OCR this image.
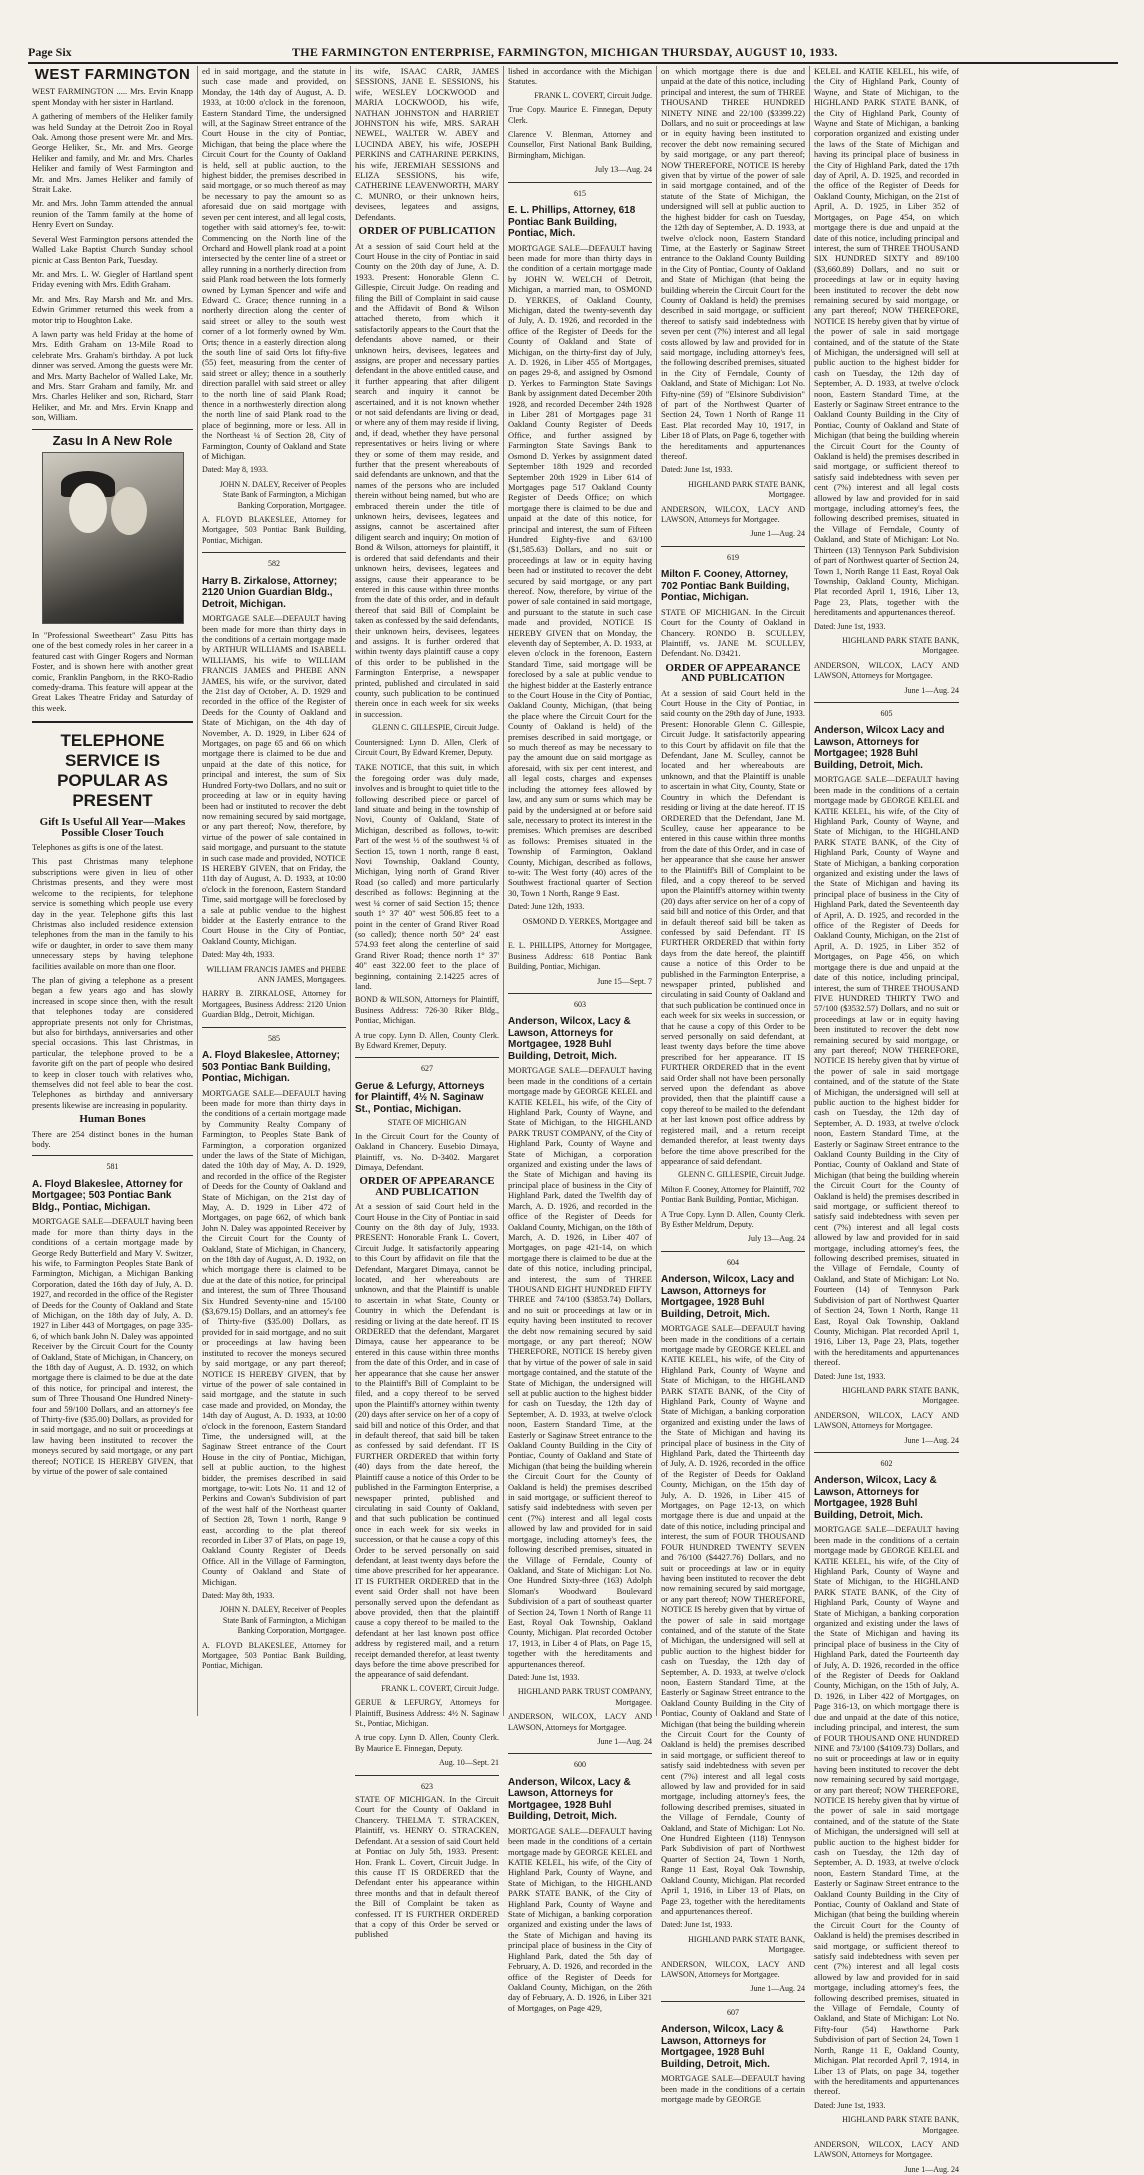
Page Six	THE FARMINGTON ENTERPRISE, FARMINGTON, MICHIGAN THURSDAY, AUGUST 10, 1933.
WEST FARMINGTON

WEST FARMINGTON ..... Mrs. Ervin Knapp spent Monday with her sister in Hartland.

A gathering of members of the Heliker family was held Sunday at the Detroit Zoo in Royal Oak. Among those present were Mr. and Mrs. George Heliker, Sr., Mr. and Mrs. George Heliker and family, and Mr. and Mrs. Charles Heliker and family of West Farmington and Mr. and Mrs. James Heliker and family of Strait Lake.

Mr. and Mrs. John Tamm attended the annual reunion of the Tamm family at the home of Henry Evert on Sunday.

Several West Farmington persons attended the Walled Lake Baptist Church Sunday school picnic at Cass Benton Park, Tuesday.

Mr. and Mrs. L. W. Giegler of Hartland spent Friday evening with Mrs. Edith Graham.

Mr. and Mrs. Ray Marsh and Mr. and Mrs. Edwin Grimmer returned this week from a motor trip to Houghton Lake.

A lawn party was held Friday at the home of Mrs. Edith Graham on 13-Mile Road to celebrate Mrs. Graham's birthday. A pot luck dinner was served. Among the guests were Mr. and Mrs. Marty Bachelor of Walled Lake, Mr. and Mrs. Starr Graham and family, Mr. and Mrs. Charles Heliker and son, Richard, Starr Heliker, and Mr. and Mrs. Ervin Knapp and son, William.

Zasu In A New Role

In "Professional Sweetheart" Zasu Pitts has one of the best comedy roles in her career in a featured cast with Ginger Rogers and Norman Foster, and is shown here with another great comic, Franklin Pangborn, in the RKO-Radio comedy-drama. This feature will appear at the Great Lakes Theatre Friday and Saturday of this week.

TELEPHONE SERVICE IS POPULAR AS PRESENT
Gift Is Useful All Year—Makes Possible Closer Touch

Telephones as gifts is one of the latest.

This past Christmas many telephone subscriptions were given in lieu of other Christmas presents, and they were most welcome to the recipients, for telephone service is something which people use every day in the year. Telephone gifts this last Christmas also included residence extension telephones from the man in the family to his wife or daughter, in order to save them many unnecessary steps by having telephone facilities available on more than one floor.

The plan of giving a telephone as a present began a few years ago and has slowly increased in scope since then, with the result that telephones today are considered appropriate presents not only for Christmas, but also for birthdays, anniversaries and other special occasions. This last Christmas, in particular, the telephone proved to be a favorite gift on the part of people who desired to keep in closer touch with relatives who, themselves did not feel able to bear the cost. Telephones as birthday and anniversary presents likewise are increasing in popularity.

Human Bones

There are 254 distinct bones in the human body.

581
A. Floyd Blakeslee, Attorney for Mortgagee; 503 Pontiac Bank Bldg., Pontiac, Michigan.

MORTGAGE SALE—DEFAULT having been made for more than thirty days in the conditions of a certain mortgage made by George Redy Butterfield and Mary V. Switzer, his wife, to Farmington Peoples State Bank of Farmington, Michigan, a Michigan Banking Corporation, dated the 16th day of July, A. D. 1927, and recorded in the office of the Register of Deeds for the County of Oakland and State of Michigan, on the 18th day of July, A. D. 1927 in Liber 443 of Mortgages, on page 335-6, of which bank John N. Daley was appointed Receiver by the Circuit Court for the County of Oakland, State of Michigan, in Chancery, on the 18th day of August, A. D. 1932, on which mortgage there is claimed to be due at the date of this notice, for principal and interest, the sum of Three Thousand One Hundred Ninety-four and 59/100 Dollars, and an attorney's fee of Thirty-five ($35.00) Dollars, as provided for in said mortgage, and no suit or proceedings at law having been instituted to recover the moneys secured by said mortgage, or any part thereof; NOTICE IS HEREBY GIVEN, that by virtue of the power of sale contained

ed in said mortgage, and the statute in such case made and provided, on Monday, the 14th day of August, A. D. 1933, at 10:00 o'clock in the forenoon, Eastern Standard Time, the undersigned will, at the Saginaw Street entrance of the Court House in the city of Pontiac, Michigan, that being the place where the Circuit Court for the County of Oakland is held, sell at public auction, to the highest bidder, the premises described in said mortgage, or so much thereof as may be necessary to pay the amount so as aforesaid due on said mortgage with seven per cent interest, and all legal costs, together with said attorney's fee, to-wit: Commencing on the North line of the Orchard and Howell plank road at a point intersected by the center line of a street or alley running in a northerly direction from said Plank road between the lots formerly owned by Lyman Spencer and wife and Edward C. Grace; thence running in a northerly direction along the center of said street or alley to the south west corner of a lot formerly owned by Wm. Orts; thence in a easterly direction along the south line of said Orts lot fifty-five (55) feet, measuring from the center of said street or alley; thence in a southerly direction parallel with said street or alley to the north line of said Plank Road; thence in a northwesterly direction along the north line of said Plank road to the place of beginning, more or less. All in the Northeast ¼ of Section 28, City of Farmington, County of Oakland and State of Michigan.

Dated: May 8, 1933.

JOHN N. DALEY, Receiver of Peoples State Bank of Farmington, a Michigan Banking Corporation, Mortgagee.

A. FLOYD BLAKESLEE, Attorney for Mortgagee, 503 Pontiac Bank Building, Pontiac, Michigan.

582
Harry B. Zirkalose, Attorney; 2120 Union Guardian Bldg., Detroit, Michigan.

MORTGAGE SALE—DEFAULT having been made for more than thirty days in the conditions of a certain mortgage made by ARTHUR WILLIAMS and ISABELL WILLIAMS, his wife to WILLIAM FRANCIS JAMES and PHEBE ANN JAMES, his wife, or the survivor, dated the 21st day of October, A. D. 1929 and recorded in the office of the Register of Deeds for the County of Oakland and State of Michigan, on the 4th day of November, A. D. 1929, in Liber 624 of Mortgages, on page 65 and 66 on which mortgage there is claimed to be due and unpaid at the date of this notice, for principal and interest, the sum of Six Hundred Forty-two Dollars, and no suit or proceeding at law or in equity having been had or instituted to recover the debt now remaining secured by said mortgage, or any part thereof; Now, therefore, by virtue of the power of sale contained in said mortgage, and pursuant to the statute in such case made and provided, NOTICE IS HEREBY GIVEN, that on Friday, the 11th day of August, A. D. 1933, at 10:00 o'clock in the forenoon, Eastern Standard Time, said mortgage will be foreclosed by a sale at public vendue to the highest bidder at the Easterly entrance to the Court House in the City of Pontiac, Oakland County, Michigan.

Dated: May 4th, 1933.

WILLIAM FRANCIS JAMES and PHEBE ANN JAMES, Mortgagees.

HARRY B. ZIRKALOSE, Attorney for Mortgagees, Business Address: 2120 Union Guardian Bldg., Detroit, Michigan.

585
A. Floyd Blakeslee, Attorney; 503 Pontiac Bank Building, Pontiac, Michigan.

MORTGAGE SALE—DEFAULT having been made for more than thirty days in the conditions of a certain mortgage made by Community Realty Company of Farmington, to Peoples State Bank of Farmington, a corporation organized under the laws of the State of Michigan, dated the 10th day of May, A. D. 1929, and recorded in the office of the Register of Deeds for the County of Oakland and State of Michigan, on the 21st day of May, A. D. 1929 in Liber 472 of Mortgages, on page 662, of which bank John N. Daley was appointed Receiver by the Circuit Court for the County of Oakland, State of Michigan, in Chancery, on the 18th day of August, A. D. 1932, on which mortgage there is claimed to be due at the date of this notice, for principal and interest, the sum of Three Thousand Six Hundred Seventy-nine and 15/100 ($3,679.15) Dollars, and an attorney's fee of Thirty-five ($35.00) Dollars, as provided for in said mortgage, and no suit or proceedings at law having been instituted to recover the moneys secured by said mortgage, or any part thereof; NOTICE IS HEREBY GIVEN, that by virtue of the power of sale contained in said mortgage, and the statute in such case made and provided, on Monday, the 14th day of August, A. D. 1933, at 10:00 o'clock in the forenoon, Eastern Standard Time, the undersigned will, at the Saginaw Street entrance of the Court House in the city of Pontiac, Michigan, sell at public auction, to the highest bidder, the premises described in said mortgage, to-wit: Lots No. 11 and 12 of Perkins and Cowan's Subdivision of part of the west half of the Northeast quarter of Section 28, Town 1 north, Range 9 east, according to the plat thereof recorded in Liber 37 of Plats, on page 19, Oakland County Register of Deeds Office. All in the Village of Farmington, County of Oakland and State of Michigan.

Dated: May 8th, 1933.

JOHN N. DALEY, Receiver of Peoples State Bank of Farmington, a Michigan Banking Corporation, Mortgagee.

A. FLOYD BLAKESLEE, Attorney for Mortgagee, 503 Pontiac Bank Building, Pontiac, Michigan.

its wife, ISAAC CARR, JAMES SESSIONS, JANE E. SESSIONS, his wife, WESLEY LOCKWOOD and MARIA LOCKWOOD, his wife, NATHAN JOHNSTON and HARRIET JOHNSTON his wife, MRS. SARAH NEWEL, WALTER W. ABEY and LUCINDA ABEY, his wife, JOSEPH PERKINS and CATHARINE PERKINS, his wife, JEREMIAH SESSIONS and ELIZA SESSIONS, his wife, CATHERINE LEAVENWORTH, MARY C. MUNRO, or their unknown heirs, devisees, legatees and assigns, Defendants.

ORDER OF PUBLICATION

At a session of said Court held at the Court House in the city of Pontiac in said County on the 20th day of June, A. D. 1933. Present: Honorable Glenn C. Gillespie, Circuit Judge. On reading and filing the Bill of Complaint in said cause and the Affidavit of Bond & Wilson attached thereto, from which it satisfactorily appears to the Court that the defendants above named, or their unknown heirs, devisees, legatees and assigns, are proper and necessary parties defendant in the above entitled cause, and it further appearing that after diligent search and inquiry it cannot be ascertained, and it is not known whether or not said defendants are living or dead, or where any of them may reside if living, and, if dead, whether they have personal representatives or heirs living or where they or some of them may reside, and further that the present whereabouts of said defendants are unknown, and that the names of the persons who are included therein without being named, but who are embraced therein under the title of unknown heirs, devisees, legatees and assigns, cannot be ascertained after diligent search and inquiry; On motion of Bond & Wilson, attorneys for plaintiff, it is ordered that said defendants and their unknown heirs, devisees, legatees and assigns, cause their appearance to be entered in this cause within three months from the date of this order, and in default thereof that said Bill of Complaint be taken as confessed by the said defendants, their unknown heirs, devisees, legatees and assigns. It is further ordered that within twenty days plaintiff cause a copy of this order to be published in the Farmington Enterprise, a newspaper printed, published and circulated in said county, such publication to be continued therein once in each week for six weeks in succession.

GLENN C. GILLESPIE, Circuit Judge.

Countersigned: Lynn D. Allen, Clerk of Circuit Court, By Edward Kremer, Deputy.

TAKE NOTICE, that this suit, in which the foregoing order was duly made, involves and is brought to quiet title to the following described piece or parcel of land situate and being in the township of Novi, County of Oakland, State of Michigan, described as follows, to-wit: Part of the west ½ of the southwest ¼ of Section 15, town 1 north, range 8 east, Novi Township, Oakland County, Michigan, lying north of Grand River Road (so called) and more particularly described as follows: Beginning at the west ¼ corner of said Section 15; thence south 1° 37' 40" west 506.85 feet to a point in the center of Grand River Road (so called); thence north 50° 24' east 574.93 feet along the centerline of said Grand River Road; thence north 1° 37' 40" east 322.00 feet to the place of beginning, containing 2.14225 acres of land.

BOND & WILSON, Attorneys for Plaintiff, Business Address: 726-30 Riker Bldg., Pontiac, Michigan.

A true copy. Lynn D. Allen, County Clerk. By Edward Kremer, Deputy.

627
Gerue & Lefurgy, Attorneys for Plaintiff, 4½ N. Saginaw St., Pontiac, Michigan.
STATE OF MICHIGAN

In the Circuit Court for the County of Oakland in Chancery. Eusebio Dimaya, Plaintiff, vs. No. D-3402. Margaret Dimaya, Defendant.

ORDER OF APPEARANCE AND PUBLICATION

At a session of said Court held in the Court House in the City of Pontiac in said County on the 8th day of July, 1933. PRESENT: Honorable Frank L. Covert, Circuit Judge. It satisfactorily appearing to this Court by affidavit on file that the Defendant, Margaret Dimaya, cannot be located, and her whereabouts are unknown, and that the Plaintiff is unable to ascertain in what State, County or Country in which the Defendant is residing or living at the date hereof. IT IS ORDERED that the defendant, Margaret Dimaya, cause her appearance to be entered in this cause within three months from the date of this Order, and in case of her appearance that she cause her answer to the Plaintiff's Bill of Complaint to be filed, and a copy thereof to be served upon the Plaintiff's attorney within twenty (20) days after service on her of a copy of said bill and notice of this Order, and that in default thereof, that said bill be taken as confessed by said defendant. IT IS FURTHER ORDERED that within forty (40) days from the date hereof, the Plaintiff cause a notice of this Order to be published in the Farmington Enterprise, a newspaper printed, published and circulating in said County of Oakland, and that such publication be continued once in each week for six weeks in succession, or that he cause a copy of this Order to be served personally on said defendant, at least twenty days before the time above prescribed for her appearance. IT IS FURTHER ORDERED that in the event said Order shall not have been personally served upon the defendant as above provided, then that the plaintiff cause a copy thereof to be mailed to the defendant at her last known post office address by registered mail, and a return receipt demanded therefor, at least twenty days before the time above prescribed for the appearance of said defendant.

FRANK L. COVERT, Circuit Judge.

GERUE & LEFURGY, Attorneys for Plaintiff, Business Address: 4½ N. Saginaw St., Pontiac, Michigan.

A true copy. Lynn D. Allen, County Clerk. By Maurice E. Finnegan, Deputy.

Aug. 10—Sept. 21

623

STATE OF MICHIGAN. In the Circuit Court for the County of Oakland in Chancery. THELMA T. STRACKEN, Plaintiff, vs. HENRY O. STRACKEN, Defendant. At a session of said Court held at Pontiac on July 5th, 1933. Present: Hon. Frank L. Covert, Circuit Judge. In this cause IT IS ORDERED that the Defendant enter his appearance within three months and that in default thereof the Bill of Complaint be taken as confessed. IT IS FURTHER ORDERED that a copy of this Order be served or published

lished in accordance with the Michigan Statutes.

FRANK L. COVERT, Circuit Judge.

True Copy. Maurice E. Finnegan, Deputy Clerk.

Clarence V. Blenman, Attorney and Counsellor, First National Bank Building, Birmingham, Michigan.

July 13—Aug. 24

615
E. L. Phillips, Attorney, 618 Pontiac Bank Building, Pontiac, Mich.

MORTGAGE SALE—DEFAULT having been made for more than thirty days in the condition of a certain mortgage made by JOHN W. WELCH of Detroit, Michigan, a married man, to OSMOND D. YERKES, of Oakland County, Michigan, dated the twenty-seventh day of July, A. D. 1926, and recorded in the office of the Register of Deeds for the County of Oakland and State of Michigan, on the thirty-first day of July, A. D. 1926, in Liber 455 of Mortgages, on pages 29-8, and assigned by Osmond D. Yerkes to Farmington State Savings Bank by assignment dated December 20th 1928, and recorded December 24th 1928 in Liber 281 of Mortgages page 31 Oakland County Register of Deeds Office, and further assigned by Farmington State Savings Bank to Osmond D. Yerkes by assignment dated September 18th 1929 and recorded September 20th 1929 in Liber 614 of Mortgages page 517 Oakland County Register of Deeds Office; on which mortgage there is claimed to be due and unpaid at the date of this notice, for principal and interest, the sum of Fifteen Hundred Eighty-five and 63/100 ($1,585.63) Dollars, and no suit or proceedings at law or in equity having been had or instituted to recover the debt secured by said mortgage, or any part thereof. Now, therefore, by virtue of the power of sale contained in said mortgage, and pursuant to the statute in such case made and provided, NOTICE IS HEREBY GIVEN that on Monday, the eleventh day of September, A. D. 1933, at eleven o'clock in the forenoon, Eastern Standard Time, said mortgage will be foreclosed by a sale at public vendue to the highest bidder at the Easterly entrance to the Court House in the City of Pontiac, Oakland County, Michigan, (that being the place where the Circuit Court for the County of Oakland is held) of the premises described in said mortgage, or so much thereof as may be necessary to pay the amount due on said mortgage as aforesaid, with six per cent interest, and all legal costs, charges and expenses including the attorney fees allowed by law, and any sum or sums which may be paid by the undersigned at or before said sale, necessary to protect its interest in the premises. Which premises are described as follows: Premises situated in the Township of Farmington, Oakland County, Michigan, described as follows, to-wit: The West forty (40) acres of the Southwest fractional quarter of Section 30, Town 1 North, Range 9 East.

Dated: June 12th, 1933.

OSMOND D. YERKES, Mortgagee and Assignee.

E. L. PHILLIPS, Attorney for Mortgagee, Business Address: 618 Pontiac Bank Building, Pontiac, Michigan.

June 15—Sept. 7

603
Anderson, Wilcox, Lacy & Lawson, Attorneys for Mortgagee, 1928 Buhl Building, Detroit, Mich.

MORTGAGE SALE—DEFAULT having been made in the conditions of a certain mortgage made by GEORGE KELEL and KATIE KELEL, his wife, of the City of Highland Park, County of Wayne, and State of Michigan, to the HIGHLAND PARK TRUST COMPANY, of the City of Highland Park, County of Wayne and State of Michigan, a corporation organized and existing under the laws of the State of Michigan and having its principal place of business in the City of Highland Park, dated the Twelfth day of March, A. D. 1926, and recorded in the office of the Register of Deeds for Oakland County, Michigan, on the 18th of March, A. D. 1926, in Liber 407 of Mortgages, on page 421-14, on which mortgage there is claimed to be due at the date of this notice, including principal, and interest, the sum of THREE THOUSAND EIGHT HUNDRED FIFTY THREE and 74/100 ($3853.74) Dollars, and no suit or proceedings at law or in equity having been instituted to recover the debt now remaining secured by said mortgage, or any part thereof; NOW THEREFORE, NOTICE IS hereby given that by virtue of the power of sale in said mortgage contained, and the statute of the State of Michigan, the undersigned will sell at public auction to the highest bidder for cash on Tuesday, the 12th day of September, A. D. 1933, at twelve o'clock noon, Eastern Standard Time, at the Easterly or Saginaw Street entrance to the Oakland County Building in the City of Pontiac, County of Oakland and State of Michigan (that being the building wherein the Circuit Court for the County of Oakland is held) the premises described in said mortgage, or sufficient thereof to satisfy said indebtedness with seven per cent (7%) interest and all legal costs allowed by law and provided for in said mortgage, including attorney's fees, the following described premises, situated in the Village of Ferndale, County of Oakland, and State of Michigan: Lot No. One Hundred Sixty-three (163) Adolph Sloman's Woodward Boulevard Subdivision of a part of southeast quarter of Section 24, Town 1 North of Range 11 East, Royal Oak Township, Oakland County, Michigan. Plat recorded October 17, 1913, in Liber 4 of Plats, on Page 15, together with the hereditaments and appurtenances thereof.

Dated: June 1st, 1933.

HIGHLAND PARK TRUST COMPANY, Mortgagee.

ANDERSON, WILCOX, LACY AND LAWSON, Attorneys for Mortgagee.

June 1—Aug. 24

600
Anderson, Wilcox, Lacy & Lawson, Attorneys for Mortgagee, 1928 Buhl Building, Detroit, Mich.

MORTGAGE SALE—DEFAULT having been made in the conditions of a certain mortgage made by GEORGE KELEL and KATIE KELEL, his wife, of the City of Highland Park, County of Wayne, and State of Michigan, to the HIGHLAND PARK STATE BANK, of the City of Highland Park, County of Wayne and State of Michigan, a banking corporation organized and existing under the laws of the State of Michigan and having its principal place of business in the City of Highland Park, dated the 5th day of February, A. D. 1926, and recorded in the office of the Register of Deeds for Oakland County, Michigan, on the 26th day of February, A. D. 1926, in Liber 321 of Mortgages, on Page 429,

on which mortgage there is due and unpaid at the date of this notice, including principal and interest, the sum of THREE THOUSAND THREE HUNDRED NINETY NINE and 22/100 ($3399.22) Dollars, and no suit or proceedings at law or in equity having been instituted to recover the debt now remaining secured by said mortgage, or any part thereof; NOW THEREFORE, NOTICE IS hereby given that by virtue of the power of sale in said mortgage contained, and of the statute of the State of Michigan, the undersigned will sell at public auction to the highest bidder for cash on Tuesday, the 12th day of September, A. D. 1933, at twelve o'clock noon, Eastern Standard Time, at the Easterly or Saginaw Street entrance to the Oakland County Building in the City of Pontiac, County of Oakland and State of Michigan (that being the building wherein the Circuit Court for the County of Oakland is held) the premises described in said mortgage, or sufficient thereof to satisfy said indebtedness with seven per cent (7%) interest and all legal costs allowed by law and provided for in said mortgage, including attorney's fees, the following described premises, situated in the City of Ferndale, County of Oakland, and State of Michigan: Lot No. Fifty-nine (59) of "Elsinore Subdivision" of part of the Northwest Quarter of Section 24, Town 1 North of Range 11 East. Plat recorded May 10, 1917, in Liber 18 of Plats, on Page 6, together with the hereditaments and appurtenances thereof.

Dated: June 1st, 1933.

HIGHLAND PARK STATE BANK, Mortgagee.

ANDERSON, WILCOX, LACY AND LAWSON, Attorneys for Mortgagee.

June 1—Aug. 24

619
Milton F. Cooney, Attorney, 702 Pontiac Bank Building, Pontiac, Michigan.

STATE OF MICHIGAN. In the Circuit Court for the County of Oakland in Chancery. RONDO B. SCULLEY, Plaintiff, vs. JANE M. SCULLEY, Defendant. No. D3421.

ORDER OF APPEARANCE AND PUBLICATION

At a session of said Court held in the Court House in the City of Pontiac, in said county on the 29th day of June, 1933. Present: Honorable Glenn C. Gillespie, Circuit Judge. It satisfactorily appearing to this Court by affidavit on file that the Defendant, Jane M. Sculley, cannot be located and her whereabouts are unknown, and that the Plaintiff is unable to ascertain in what City, County, State or Country in which the Defendant is residing or living at the date hereof. IT IS ORDERED that the Defendant, Jane M. Sculley, cause her appearance to be entered in this cause within three months from the date of this Order, and in case of her appearance that she cause her answer to the Plaintiff's Bill of Complaint to be filed, and a copy thereof to be served upon the Plaintiff's attorney within twenty (20) days after service on her of a copy of said bill and notice of this Order, and that in default thereof said bill be taken as confessed by said Defendant. IT IS FURTHER ORDERED that within forty days from the date hereof, the plaintiff cause a notice of this Order to be published in the Farmington Enterprise, a newspaper printed, published and circulating in said County of Oakland and that such publication be continued once in each week for six weeks in succession, or that he cause a copy of this Order to be served personally on said defendant, at least twenty days before the time above prescribed for her appearance. IT IS FURTHER ORDERED that in the event said Order shall not have been personally served upon the defendant as above provided, then that the plaintiff cause a copy thereof to be mailed to the defendant at her last known post office address by registered mail, and a return receipt demanded therefor, at least twenty days before the time above prescribed for the appearance of said defendant.

GLENN C. GILLESPIE, Circuit Judge.

Milton F. Cooney, Attorney for Plaintiff, 702 Pontiac Bank Building, Pontiac, Michigan.

A True Copy. Lynn D. Allen, County Clerk. By Esther Meldrum, Deputy.

July 13—Aug. 24

604
Anderson, Wilcox, Lacy and Lawson, Attorneys for Mortgagee, 1928 Buhl Building, Detroit, Mich.

MORTGAGE SALE—DEFAULT having been made in the conditions of a certain mortgage made by GEORGE KELEL and KATIE KELEL, his wife, of the City of Highland Park, County of Wayne and State of Michigan, to the HIGHLAND PARK STATE BANK, of the City of Highland Park, County of Wayne and State of Michigan, a banking corporation organized and existing under the laws of the State of Michigan and having its principal place of business in the City of Highland Park, dated the Thirteenth day of July, A. D. 1926, recorded in the office of the Register of Deeds for Oakland County, Michigan, on the 15th day of July, A. D. 1926, in Liber 415 of Mortgages, on Page 12-13, on which mortgage there is due and unpaid at the date of this notice, including principal and interest, the sum of FOUR THOUSAND FOUR HUNDRED TWENTY SEVEN and 76/100 ($4427.76) Dollars, and no suit or proceedings at law or in equity having been instituted to recover the debt now remaining secured by said mortgage, or any part thereof; NOW THEREFORE, NOTICE IS hereby given that by virtue of the power of sale in said mortgage contained, and of the statute of the State of Michigan, the undersigned will sell at public auction to the highest bidder for cash on Tuesday, the 12th day of September, A. D. 1933, at twelve o'clock noon, Eastern Standard Time, at the Easterly or Saginaw Street entrance to the Oakland County Building in the City of Pontiac, County of Oakland and State of Michigan (that being the building wherein the Circuit Court for the County of Oakland is held) the premises described in said mortgage, or sufficient thereof to satisfy said indebtedness with seven per cent (7%) interest and all legal costs allowed by law and provided for in said mortgage, including attorney's fees, the following described premises, situated in the Village of Ferndale, County of Oakland, and State of Michigan: Lot No. One Hundred Eighteen (118) Tennyson Park Subdivision of part of Northwest Quarter of Section 24, Town 1 North, Range 11 East, Royal Oak Township, Oakland County, Michigan. Plat recorded April 1, 1916, in Liber 13 of Plats, on Page 23, together with the hereditaments and appurtenances thereof.

Dated: June 1st, 1933.

HIGHLAND PARK STATE BANK, Mortgagee.

ANDERSON, WILCOX, LACY AND LAWSON, Attorneys for Mortgagee.

June 1—Aug. 24

607
Anderson, Wilcox, Lacy & Lawson, Attorneys for Mortgagee, 1928 Buhl Building, Detroit, Mich.

MORTGAGE SALE—DEFAULT having been made in the conditions of a certain mortgage made by GEORGE

KELEL and KATIE KELEL, his wife, of the City of Highland Park, County of Wayne, and State of Michigan, to the HIGHLAND PARK STATE BANK, of the City of Highland Park, County of Wayne and State of Michigan, a banking corporation organized and existing under the laws of the State of Michigan and having its principal place of business in the City of Highland Park, dated the 17th day of April, A. D. 1925, and recorded in the office of the Register of Deeds for Oakland County, Michigan, on the 21st of April, A. D. 1925, in Liber 352 of Mortgages, on Page 454, on which mortgage there is due and unpaid at the date of this notice, including principal and interest, the sum of THREE THOUSAND SIX HUNDRED SIXTY and 89/100 ($3,660.89) Dollars, and no suit or proceedings at law or in equity having been instituted to recover the debt now remaining secured by said mortgage, or any part thereof; NOW THEREFORE, NOTICE IS hereby given that by virtue of the power of sale in said mortgage contained, and of the statute of the State of Michigan, the undersigned will sell at public auction to the highest bidder for cash on Tuesday, the 12th day of September, A. D. 1933, at twelve o'clock noon, Eastern Standard Time, at the Easterly or Saginaw Street entrance to the Oakland County Building in the City of Pontiac, County of Oakland and State of Michigan (that being the building wherein the Circuit Court for the County of Oakland is held) the premises described in said mortgage, or sufficient thereof to satisfy said indebtedness with seven per cent (7%) interest and all legal costs allowed by law and provided for in said mortgage, including attorney's fees, the following described premises, situated in the Village of Ferndale, County of Oakland, and State of Michigan: Lot No. Thirteen (13) Tennyson Park Subdivision of part of Northwest quarter of Section 24, Town 1, North Range 11 East, Royal Oak Township, Oakland County, Michigan. Plat recorded April 1, 1916, Liber 13, Page 23, Plats, together with the hereditaments and appurtenances thereof.

Dated: June 1st, 1933.

HIGHLAND PARK STATE BANK, Mortgagee.

ANDERSON, WILCOX, LACY AND LAWSON, Attorneys for Mortgagee.

June 1—Aug. 24

605
Anderson, Wilcox Lacy and Lawson, Attorneys for Mortgagee; 1928 Buhl Building, Detroit, Mich.

MORTGAGE SALE—DEFAULT having been made in the conditions of a certain mortgage made by GEORGE KELEL and KATIE KELEL, his wife, of the City of Highland Park, County of Wayne, and State of Michigan, to the HIGHLAND PARK STATE BANK, of the City of Highland Park, County of Wayne and State of Michigan, a banking corporation organized and existing under the laws of the State of Michigan and having its principal place of business in the City of Highland Park, dated the Seventeenth day of April, A. D. 1925, and recorded in the office of the Register of Deeds for Oakland County, Michigan, on the 21st of April, A. D. 1925, in Liber 352 of Mortgages, on Page 456, on which mortgage there is due and unpaid at the date of this notice, including principal, interest, the sum of THREE THOUSAND FIVE HUNDRED THIRTY TWO and 57/100 ($3532.57) Dollars, and no suit or proceedings at law or in equity having been instituted to recover the debt now remaining secured by said mortgage, or any part thereof; NOW THEREFORE, NOTICE IS hereby given that by virtue of the power of sale in said mortgage contained, and of the statute of the State of Michigan, the undersigned will sell at public auction to the highest bidder for cash on Tuesday, the 12th day of September, A. D. 1933, at twelve o'clock noon, Eastern Standard Time, at the Easterly or Saginaw Street entrance to the Oakland County Building in the City of Pontiac, County of Oakland and State of Michigan (that being the building wherein the Circuit Court for the County of Oakland is held) the premises described in said mortgage, or sufficient thereof to satisfy said indebtedness with seven per cent (7%) interest and all legal costs allowed by law and provided for in said mortgage, including attorney's fees, the following described premises, situated in the Village of Ferndale, County of Oakland, and State of Michigan: Lot No. Fourteen (14) of Tennyson Park Subdivision of part of Northwest Quarter of Section 24, Town 1 North, Range 11 East, Royal Oak Township, Oakland County, Michigan. Plat recorded April 1, 1916, Liber 13, Page 23, Plats, together with the hereditaments and appurtenances thereof.

Dated: June 1st, 1933.

HIGHLAND PARK STATE BANK, Mortgagee.

ANDERSON, WILCOX, LACY AND LAWSON, Attorneys for Mortgagee.

June 1—Aug. 24

602
Anderson, Wilcox, Lacy & Lawson, Attorneys for Mortgagee, 1928 Buhl Building, Detroit, Mich.

MORTGAGE SALE—DEFAULT having been made in the conditions of a certain mortgage made by GEORGE KELEL and KATIE KELEL, his wife, of the City of Highland Park, County of Wayne and State of Michigan, to the HIGHLAND PARK STATE BANK, of the City of Highland Park, County of Wayne and State of Michigan, a banking corporation organized and existing under the laws of the State of Michigan and having its principal place of business in the City of Highland Park, dated the Fourteenth day of July, A. D. 1926, recorded in the office of the Register of Deeds for Oakland County, Michigan, on the 15th of July, A. D. 1926, in Liber 422 of Mortgages, on Page 316-13, on which mortgage there is due and unpaid at the date of this notice, including principal, and interest, the sum of FOUR THOUSAND ONE HUNDRED NINE and 73/100 ($4109.73) Dollars, and no suit or proceedings at law or in equity having been instituted to recover the debt now remaining secured by said mortgage, or any part thereof; NOW THEREFORE, NOTICE IS hereby given that by virtue of the power of sale in said mortgage contained, and of the statute of the State of Michigan, the undersigned will sell at public auction to the highest bidder for cash on Tuesday, the 12th day of September, A. D. 1933, at twelve o'clock noon, Eastern Standard Time, at the Easterly or Saginaw Street entrance to the Oakland County Building in the City of Pontiac, County of Oakland and State of Michigan (that being the building wherein the Circuit Court for the County of Oakland is held) the premises described in said mortgage, or sufficient thereof to satisfy said indebtedness with seven per cent (7%) interest and all legal costs allowed by law and provided for in said mortgage, including attorney's fees, the following described premises, situated in the Village of Ferndale, County of Oakland, and State of Michigan: Lot No. Fifty-four (54) Hawthorne Park Subdivision of part of Section 24, Town 1 North, Range 11 E, Oakland County, Michigan. Plat recorded April 7, 1914, in Liber 13 of Plats, on page 34, together with the hereditaments and appurtenances thereof.

Dated: June 1st, 1933.

HIGHLAND PARK STATE BANK, Mortgagee.

ANDERSON, WILCOX, LACY AND LAWSON, Attorneys for Mortgagee.

June 1—Aug. 24
